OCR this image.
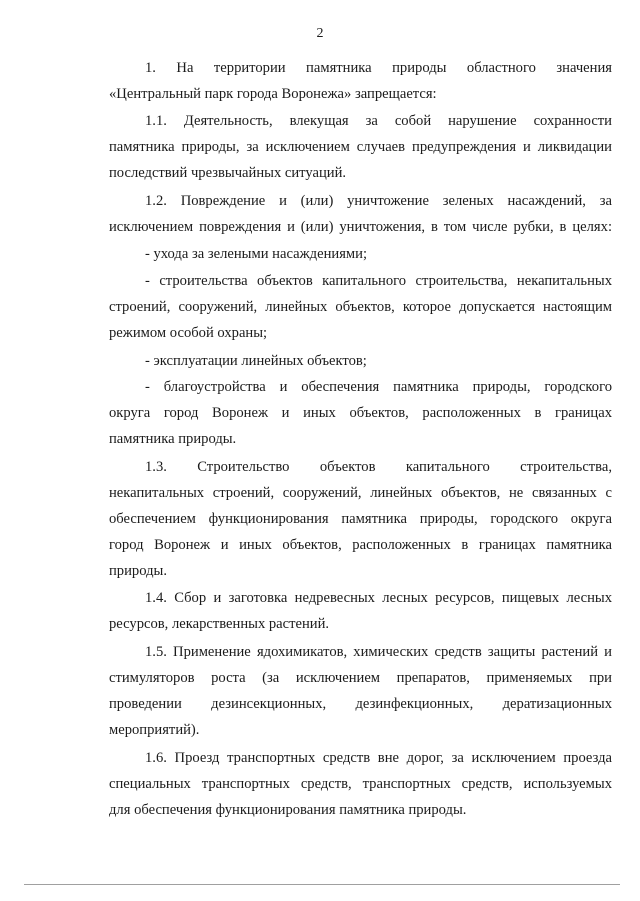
2
1. На территории памятника природы областного значения
«Центральный парк города Воронежа» запрещается:
1.1. Деятельность, влекущая за собой нарушение сохранности
памятника природы, за исключением случаев предупреждения и ликвидации
последствий чрезвычайных ситуаций.
1.2. Повреждение и (или) уничтожение зеленых насаждений, за
исключением повреждения и (или) уничтожения, в том числе рубки, в целях:
- ухода за зелеными насаждениями;
- строительства объектов капитального строительства, некапитальных
строений, сооружений, линейных объектов, которое допускается настоящим
режимом особой охраны;
- эксплуатации линейных объектов;
- благоустройства и обеспечения памятника природы, городского
округа город Воронеж и иных объектов, расположенных в границах
памятника природы.
1.3. Строительство объектов капитального строительства,
некапитальных строений, сооружений, линейных объектов, не связанных с
обеспечением функционирования памятника природы, городского округа
город Воронеж и иных объектов, расположенных в границах памятника
природы.
1.4. Сбор и заготовка недревесных лесных ресурсов, пищевых лесных
ресурсов, лекарственных растений.
1.5. Применение ядохимикатов, химических средств защиты растений и
стимуляторов роста (за исключением препаратов, применяемых при
проведении дезинсекционных, дезинфекционных, дератизационных
мероприятий).
1.6. Проезд транспортных средств вне дорог, за исключением проезда
специальных транспортных средств, транспортных средств, используемых
для обеспечения функционирования памятника природы.
